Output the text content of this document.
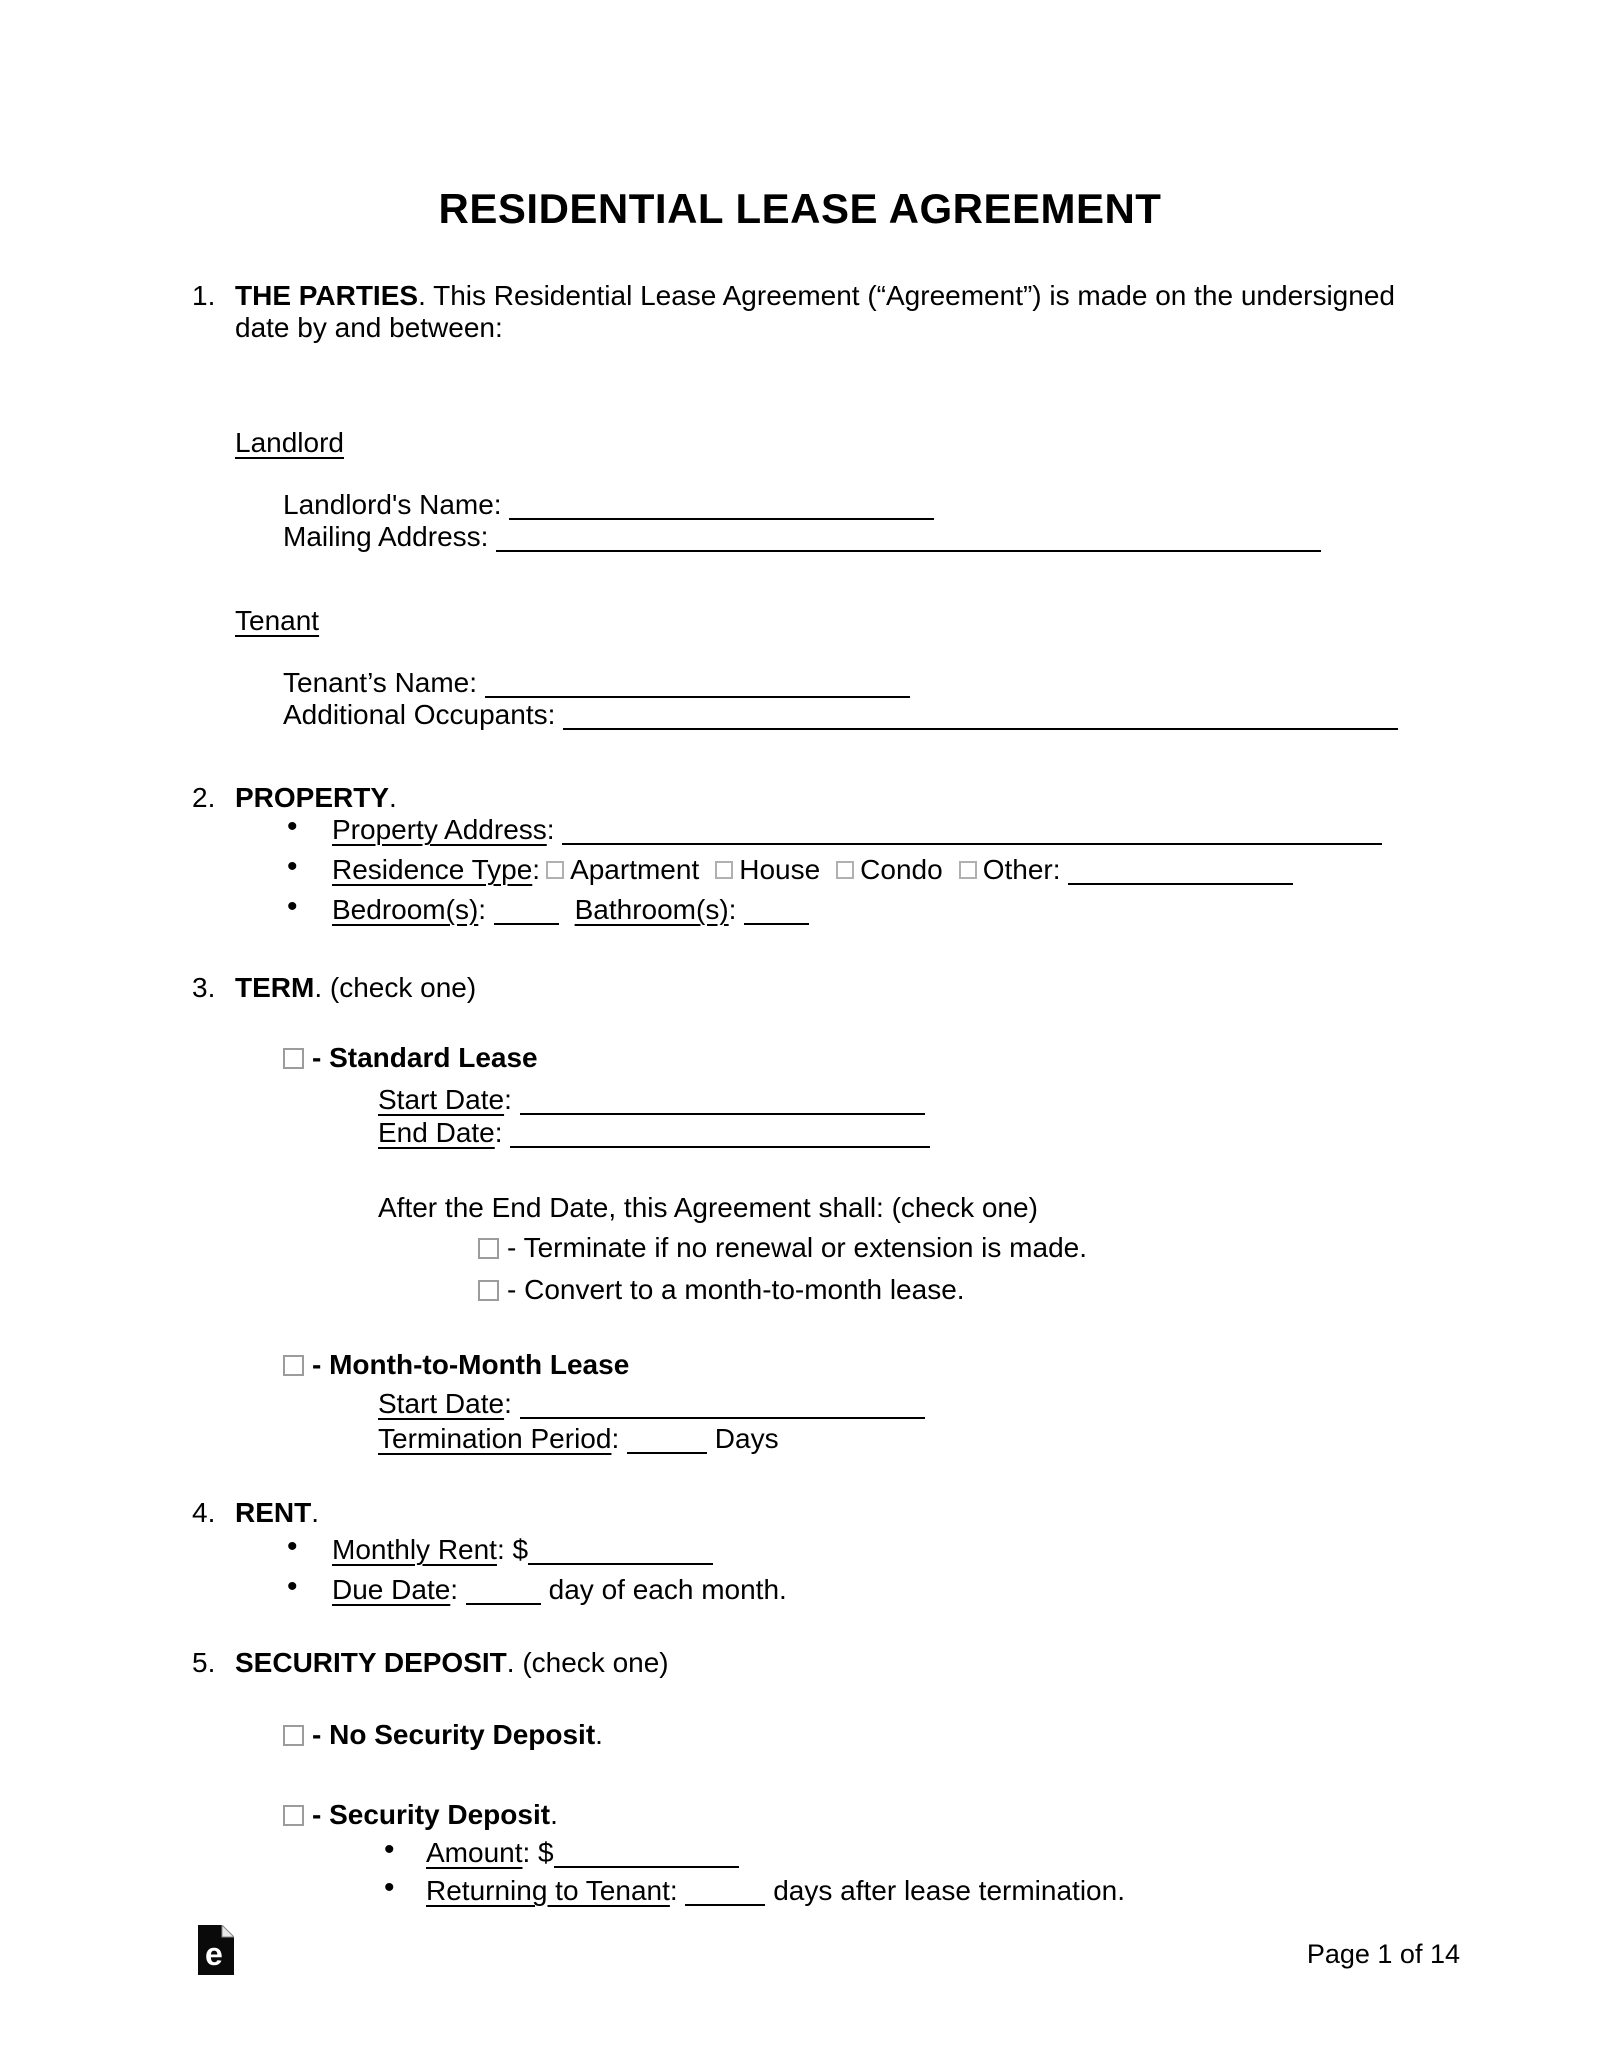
RESIDENTIAL LEASE AGREEMENT
1. THE PARTIES. This Residential Lease Agreement (“Agreement”) is made on the undersigned date by and between:
Landlord
Landlord's Name:
Mailing Address:
Tenant
Tenant’s Name:
Additional Occupants:
2. PROPERTY.
• Property Address:
• Residence Type: Apartment House Condo Other:
• Bedroom(s):	Bathroom(s):
3. TERM. (check one)
- Standard Lease
Start Date:
End Date:
After the End Date, this Agreement shall: (check one)
- Terminate if no renewal or extension is made.
- Convert to a month-to-month lease.
- Month-to-Month Lease
Start Date:
Termination Period:	Days
4. RENT.
• Monthly Rent: $
• Due Date:	day of each month.
5. SECURITY DEPOSIT. (check one)
- No Security Deposit.
- Security Deposit.
• Amount: $
• Returning to Tenant:	days after lease termination.
e	Page 1 of 14
